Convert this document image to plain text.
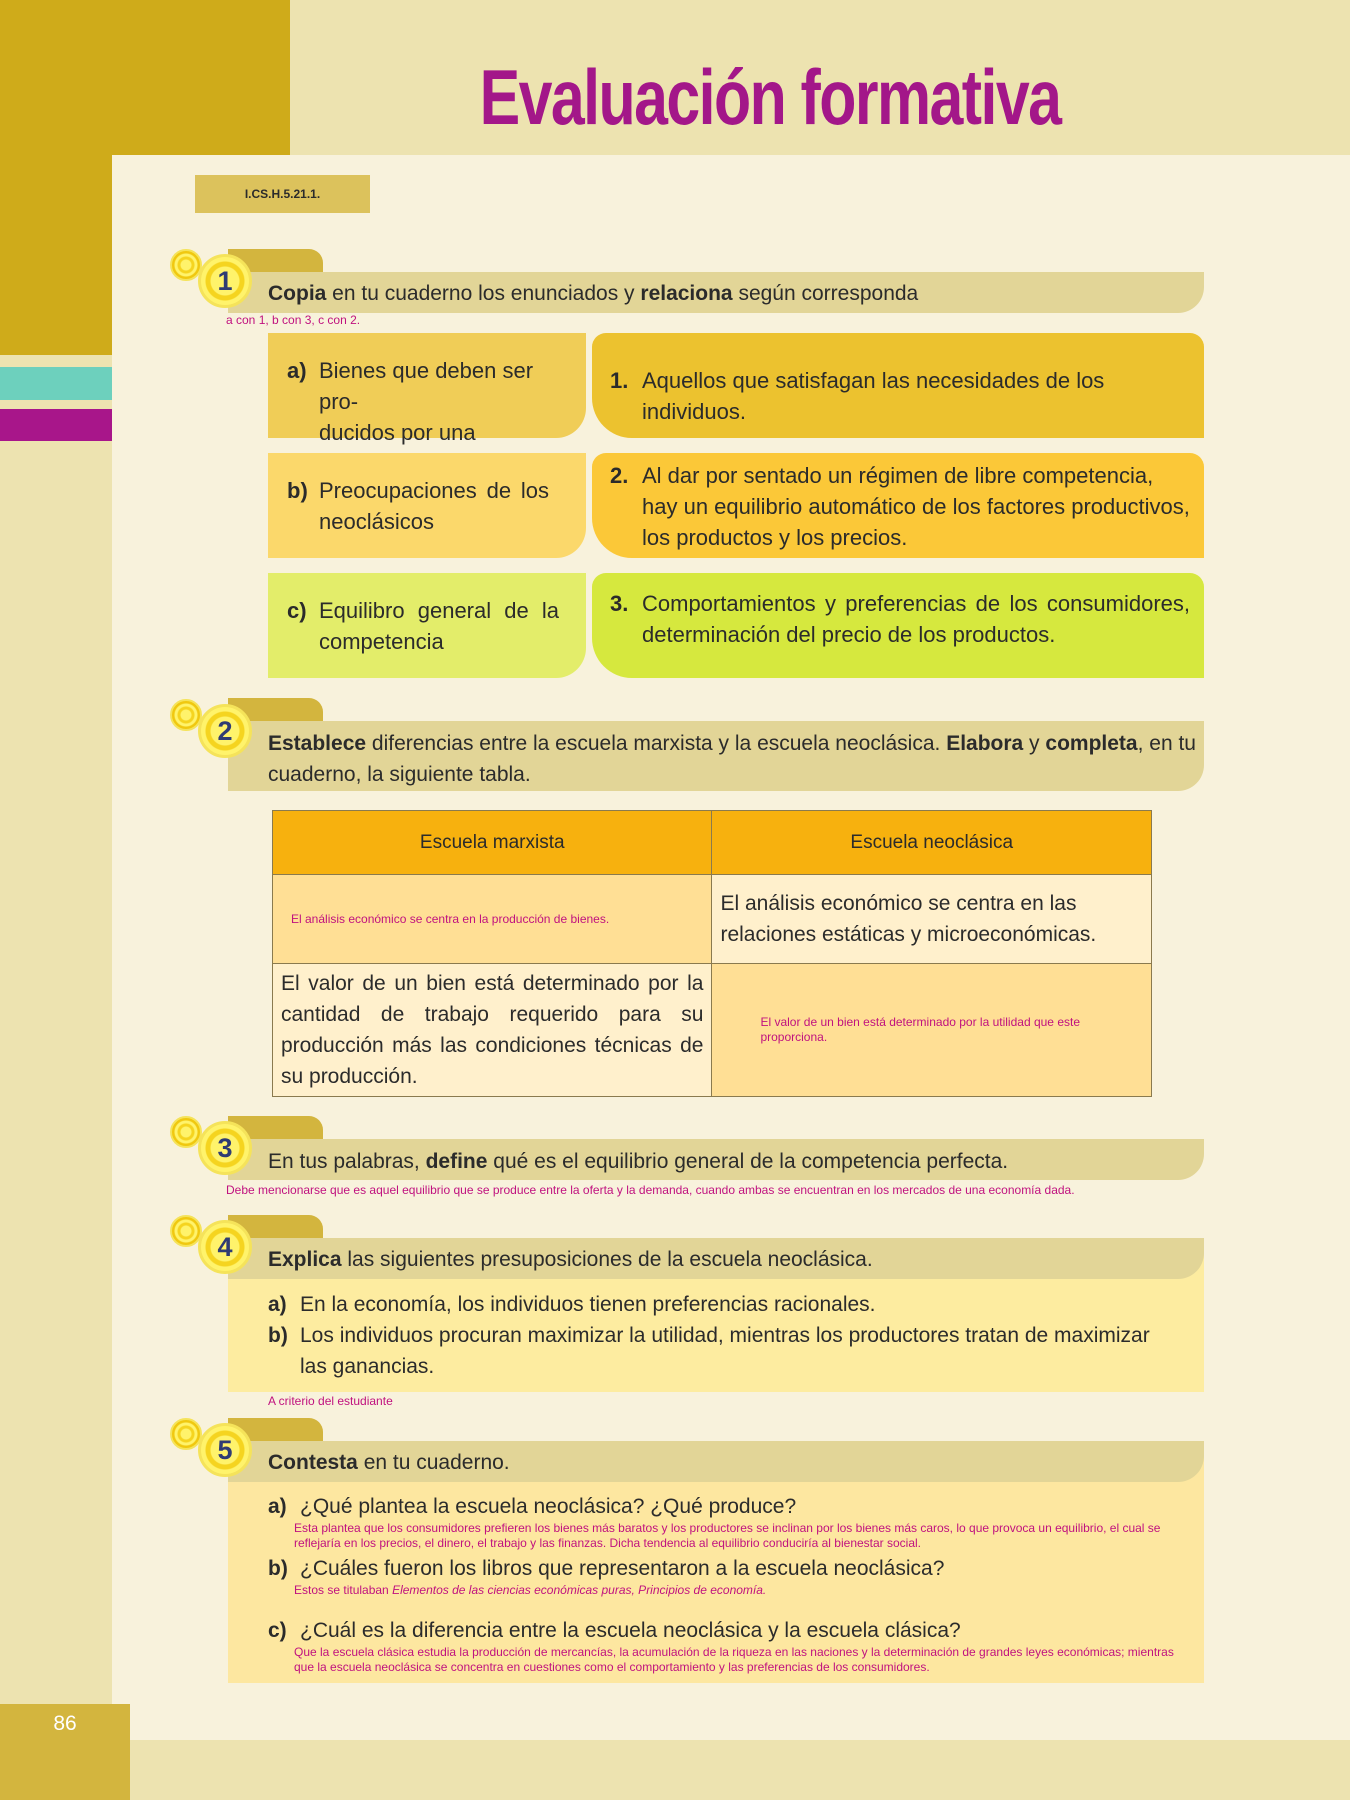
86
Evaluación formativa
I.CS.H.5.21.1.
1	Copia en tu cuaderno los enunciados y relaciona según corresponda
a con 1, b con 3, c con 2.
a) Bienes que deben ser pro-
ducidos por una
b) Preocupaciones de los neoclásicos
c) Equilibro general de la competencia
1. Aquellos que satisfagan las necesidades de los individuos.
2. Al dar por sentado un régimen de libre competencia, hay un equilibrio automático de los factores productivos, los productos y los precios.
3. Comportamientos y preferencias de los consumidores, determinación del precio de los productos.
2	Establece diferencias entre la escuela marxista y la escuela neoclásica. Elabora y completa, en tu cuaderno, la siguiente tabla.
Escuela marxista	Escuela neoclásica
El análisis económico se centra en la producción de bienes.	El análisis económico se centra en las relaciones estáticas y microeconómicas.
El valor de un bien está determinado por la cantidad de trabajo requerido para su producción más las condiciones técnicas de su producción.	El valor de un bien está determinado por la utilidad que este proporciona.
3	En tus palabras, define qué es el equilibrio general de la competencia perfecta.
Debe mencionarse que es aquel equilibrio que se produce entre la oferta y la demanda, cuando ambas se encuentran en los mercados de una economía dada.
4	Explica las siguientes presuposiciones de la escuela neoclásica.
a) En la economía, los individuos tienen preferencias racionales.
b) Los individuos procuran maximizar la utilidad, mientras los productores tratan de maximizar las ganancias.
A criterio del estudiante
5	Contesta en tu cuaderno.
a) ¿Qué plantea la escuela neoclásica? ¿Qué produce?
Esta plantea que los consumidores prefieren los bienes más baratos y los productores se inclinan por los bienes más caros, lo que provoca un equilibrio, el cual se reflejaría en los precios, el dinero, el trabajo y las finanzas. Dicha tendencia al equilibrio conduciría al bienestar social.
b) ¿Cuáles fueron los libros que representaron a la escuela neoclásica?
Estos se titulaban Elementos de las ciencias económicas puras, Principios de economía.
c) ¿Cuál es la diferencia entre la escuela neoclásica y la escuela clásica?
Que la escuela clásica estudia la producción de mercancías, la acumulación de la riqueza en las naciones y la determinación de grandes leyes económicas; mientras que la escuela neoclásica se concentra en cuestiones como el comportamiento y las preferencias de los consumidores.
